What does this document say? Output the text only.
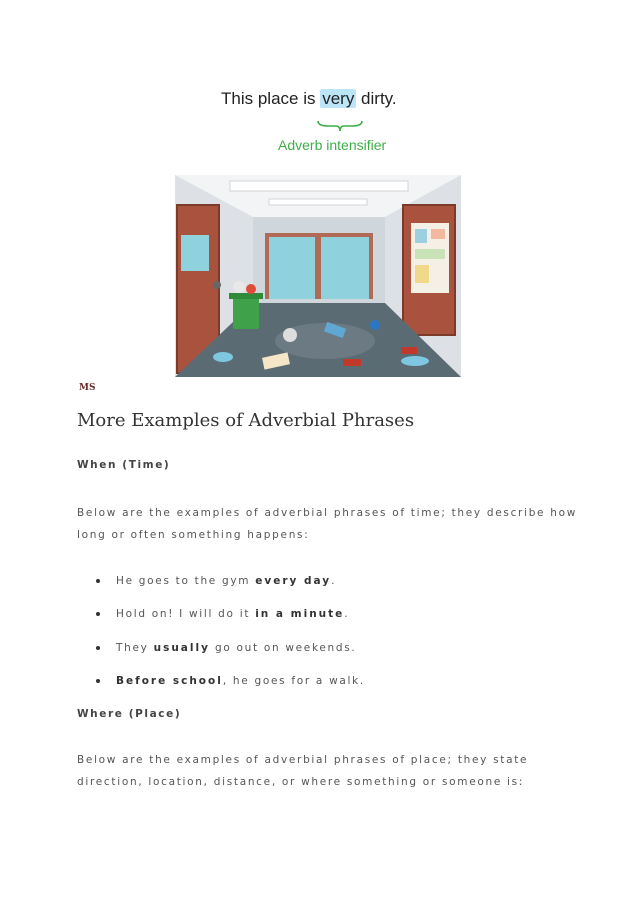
This place is very dirty.
Adverb intensifier
MS
More Examples of Adverbial Phrases
When (Time)

Below are the examples of adverbial phrases of time; they describe how
long or often something happens:

He goes to the gym every day.
Hold on! I will do it in a minute.
They usually go out on weekends.
Before school, he goes for a walk.
Where (Place)

Below are the examples of adverbial phrases of place; they state
direction, location, distance, or where something or someone is:
